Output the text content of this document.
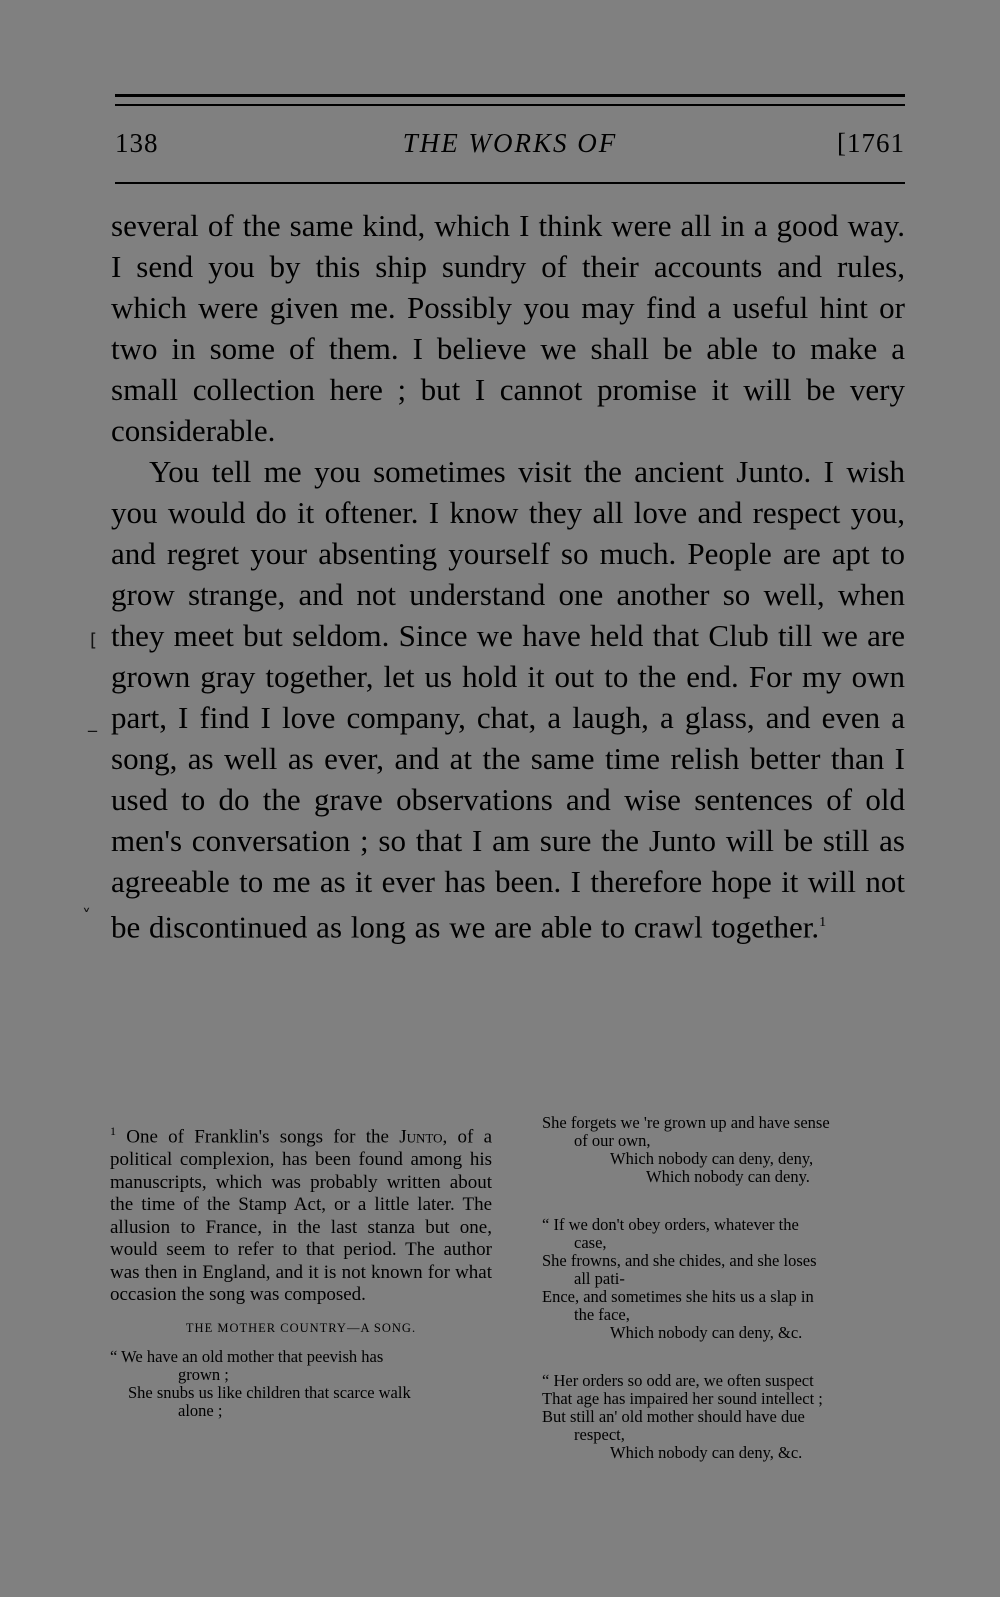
138	THE WORKS OF	[1761

several of the same kind, which I think were all in a good way. I send you by this ship sundry of their accounts and rules, which were given me. Possibly you may find a useful hint or two in some of them. I believe we shall be able to make a small collection here ; but I cannot promise it will be very considerable.

You tell me you sometimes visit the ancient Junto. I wish you would do it oftener. I know they all love and respect you, and regret your absenting yourself so much. People are apt to grow strange, and not understand one another so well, when they meet but seldom. Since we have held that Club till we are grown gray together, let us hold it out to the end. For my own part, I find I love company, chat, a laugh, a glass, and even a song, as well as ever, and at the same time relish better than I used to do the grave observations and wise sentences of old men's conversation ; so that I am sure the Junto will be still as agreeable to me as it ever has been. I therefore hope it will not be discontinued as long as we are able to crawl together.$^1$

[
_
˅

$^1$ One of Franklin's songs for the Junto, of a political complexion, has been found among his manuscripts, which was probably written about the time of the Stamp Act, or a little later. The allusion to France, in the last stanza but one, would seem to refer to that period. The author was then in England, and it is not known for what occasion the song was composed.

THE MOTHER COUNTRY—A SONG.
“ We have an old mother that peevish has
grown ;
She snubs us like children that scarce walk
alone ;
She forgets we 're grown up and have sense
of our own,
Which nobody can deny, deny,
Which nobody can deny.
“ If we don't obey orders, whatever the
case,
She frowns, and she chides, and she loses
all pati-
Ence, and sometimes she hits us a slap in
the face,
Which nobody can deny, &c.
“ Her orders so odd are, we often suspect
That age has impaired her sound intellect ;
But still an' old mother should have due
respect,
Which nobody can deny, &c.
